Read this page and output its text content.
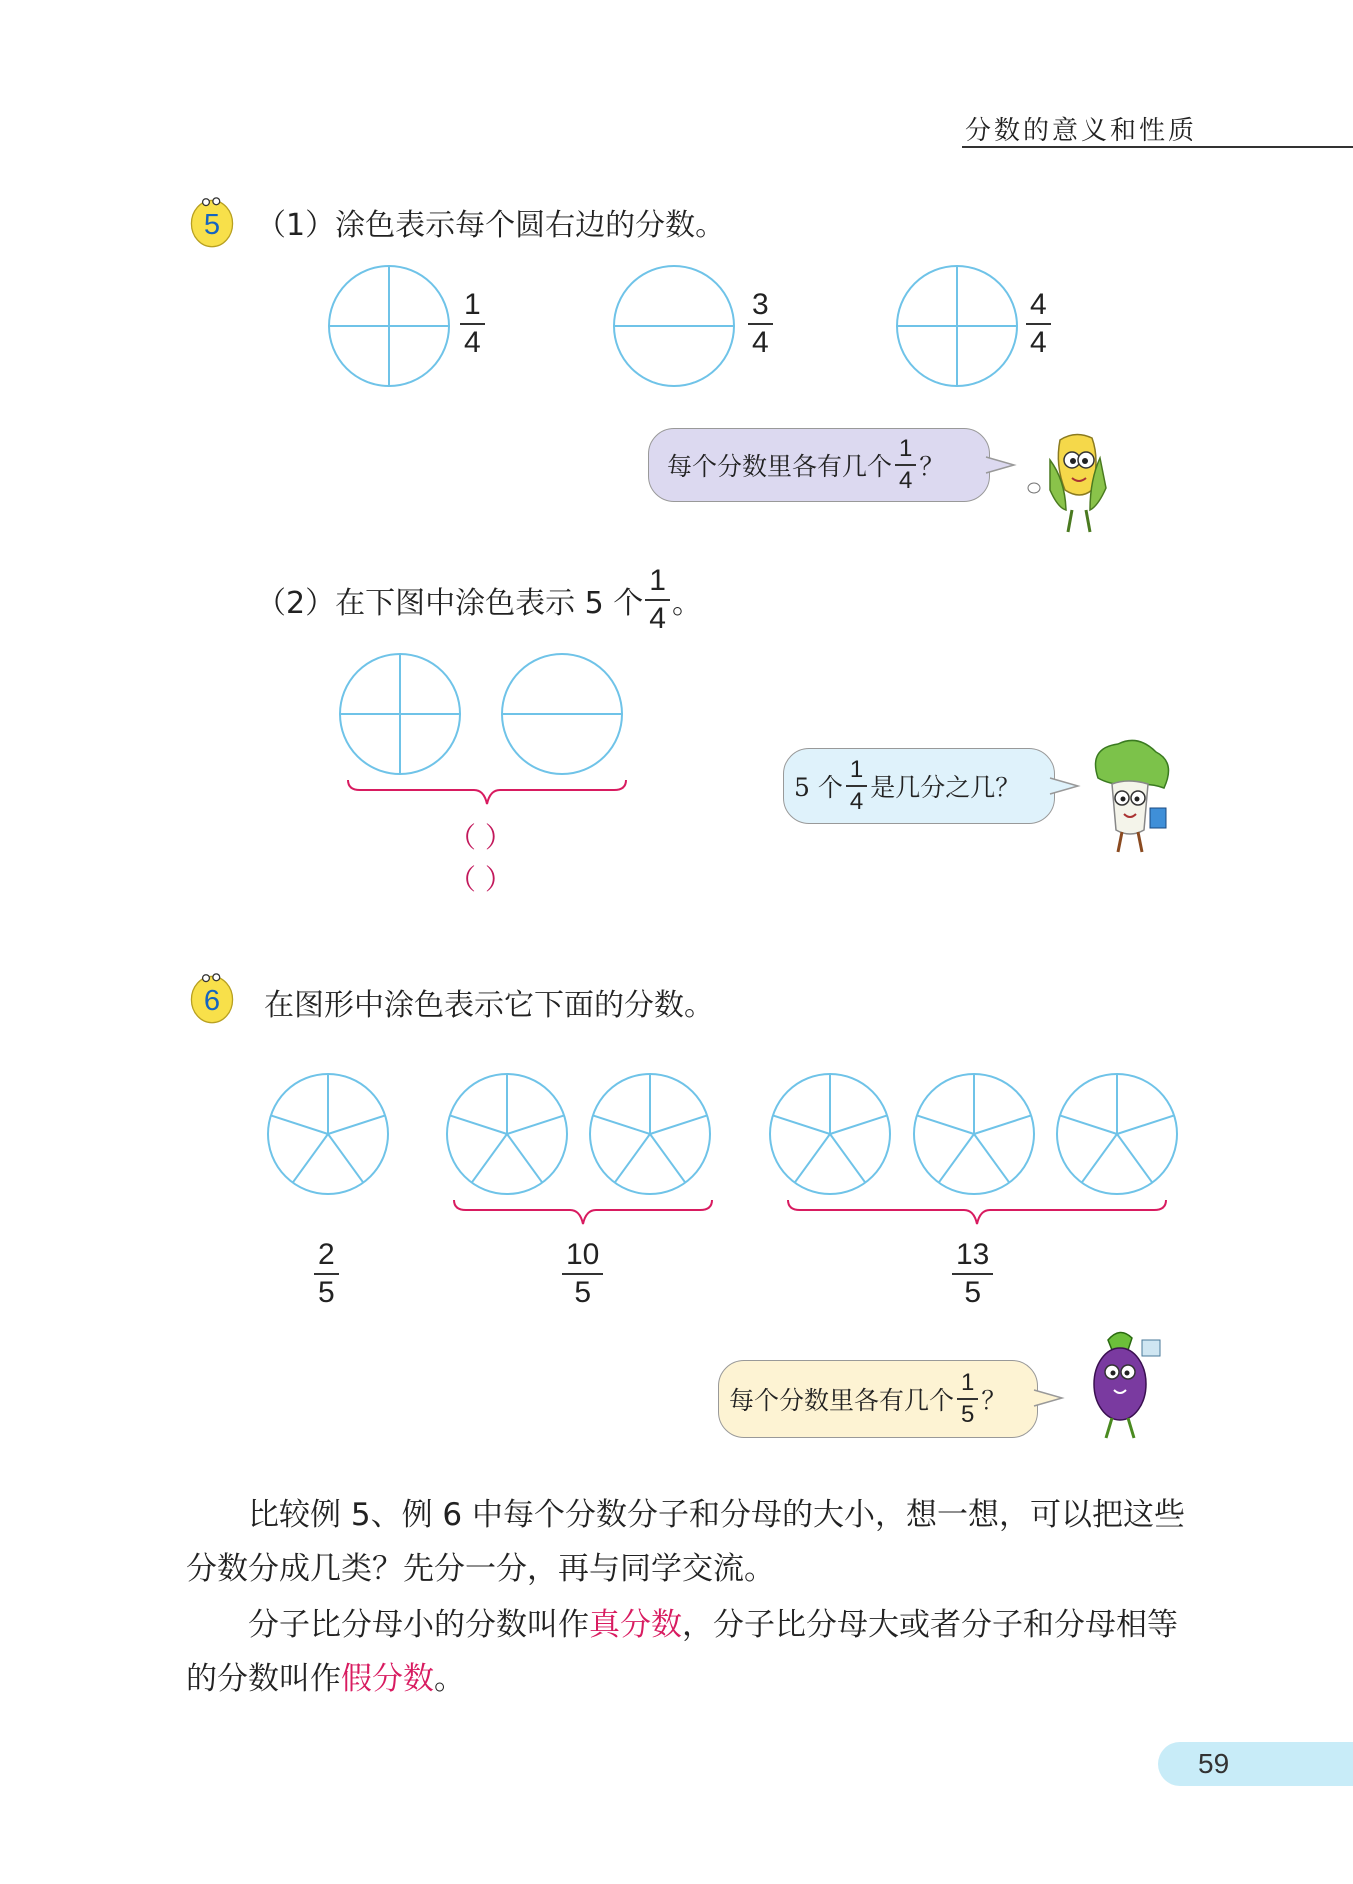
分数的意义和性质
5 （1）涂色表示每个圆右边的分数。
$\frac{1}{4}$	$\frac{3}{4}$	$\frac{4}{4}$
每个分数里各有几个 $\frac{1}{4}$ ？
（2）在下图中涂色表示 5 个 $\frac{1}{4}$ 。
（ ）
（ ）
5 个 $\frac{1}{4}$ 是几分之几？
6 在图形中涂色表示它下面的分数。
$\frac{2}{5}$	$\frac{10}{5}$	$\frac{13}{5}$
每个分数里各有几个 $\frac{1}{5}$ ？
比较例 5、例 6 中每个分数分子和分母的大小，想一想，可以把这些分数分成几类？先分一分，再与同学交流。
分子比分母小的分数叫作真分数，分子比分母大或者分子和分母相等的分数叫作假分数。
59
